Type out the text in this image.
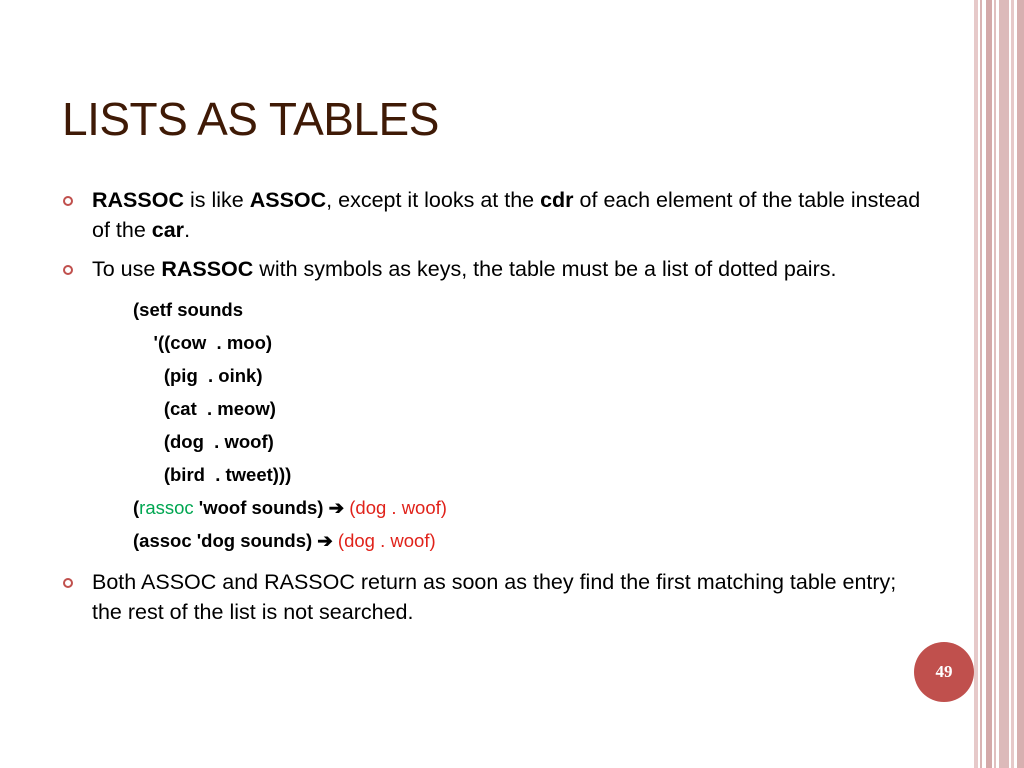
LISTS AS TABLES
RASSOC is like ASSOC, except it looks at the cdr of each element of the table instead of the car.
To use RASSOC with symbols as keys, the table must be a list of dotted pairs.
(setf sounds
'((cow  . moo)
(pig  . oink)
(cat  . meow)
(dog  . woof)
(bird  . tweet)))
(rassoc 'woof sounds) ➔ (dog . woof)
(assoc 'dog sounds) ➔ (dog . woof)
Both ASSOC and RASSOC return as soon as they find the first matching table entry; the rest of the list is not searched.
49
